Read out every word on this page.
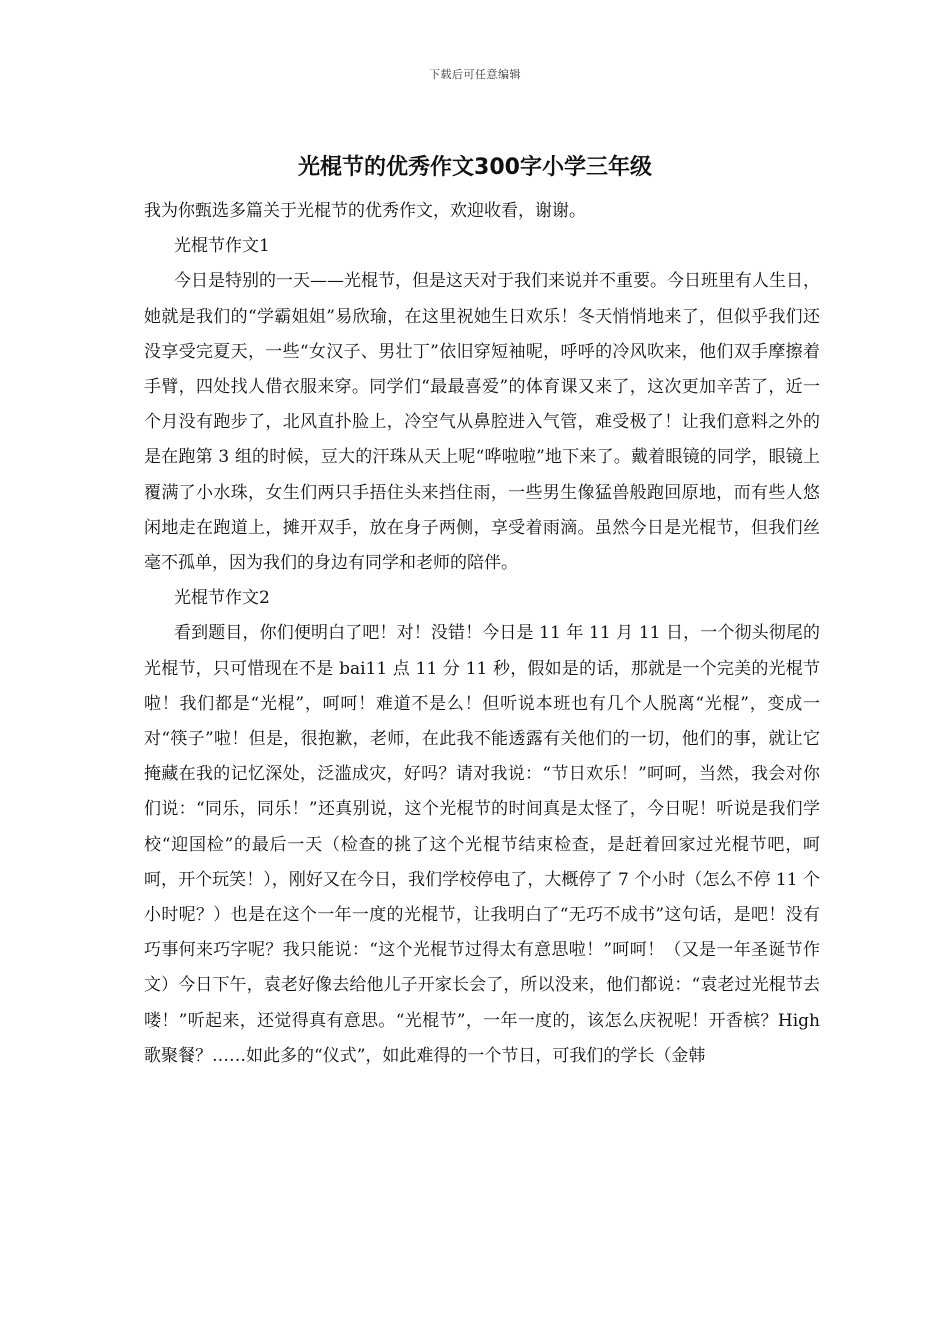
下载后可任意编辑
光棍节的优秀作文300字小学三年级

我为你甄选多篇关于光棍节的优秀作文，欢迎收看，谢谢。

光棍节作文1

今日是特别的一天——光棍节，但是这天对于我们来说并不重要。今日班里有人生日，她就是我们的“学霸姐姐”易欣瑜，在这里祝她生日欢乐！冬天悄悄地来了，但似乎我们还没享受完夏天，一些“女汉子、男壮丁”依旧穿短袖呢，呼呼的冷风吹来，他们双手摩擦着手臂，四处找人借衣服来穿。同学们“最最喜爱”的体育课又来了，这次更加辛苦了，近一个月没有跑步了，北风直扑脸上，冷空气从鼻腔进入气管，难受极了！让我们意料之外的是在跑第 3 组的时候，豆大的汗珠从天上呢“哗啦啦”地下来了。戴着眼镜的同学，眼镜上覆满了小水珠，女生们两只手捂住头来挡住雨，一些男生像猛兽般跑回原地，而有些人悠闲地走在跑道上，摊开双手，放在身子两侧，享受着雨滴。虽然今日是光棍节，但我们丝毫不孤单，因为我们的身边有同学和老师的陪伴。

光棍节作文2

看到题目，你们便明白了吧！对！没错！今日是 11 年 11 月 11 日，一个彻头彻尾的光棍节，只可惜现在不是 bai11 点 11 分 11 秒，假如是的话，那就是一个完美的光棍节啦！我们都是“光棍”，呵呵！难道不是么！但听说本班也有几个人脱离“光棍”，变成一对“筷子”啦！但是，很抱歉，老师，在此我不能透露有关他们的一切，他们的事，就让它掩藏在我的记忆深处，泛滥成灾，好吗？请对我说：“节日欢乐！”呵呵，当然，我会对你们说：“同乐，同乐！”还真别说，这个光棍节的时间真是太怪了，今日呢！听说是我们学校“迎国检”的最后一天（检查的挑了这个光棍节结束检查，是赶着回家过光棍节吧，呵呵，开个玩笑！），刚好又在今日，我们学校停电了，大概停了 7 个小时（怎么不停 11 个小时呢？）也是在这个一年一度的光棍节，让我明白了“无巧不成书”这句话，是吧！没有巧事何来巧字呢？我只能说：“这个光棍节过得太有意思啦！”呵呵！（又是一年圣诞节作文）今日下午，袁老好像去给他儿子开家长会了，所以没来，他们都说：“袁老过光棍节去喽！”听起来，还觉得真有意思。“光棍节”，一年一度的，该怎么庆祝呢！开香槟？High 歌聚餐？……如此多的“仪式”，如此难得的一个节日，可我们的学长（金韩
